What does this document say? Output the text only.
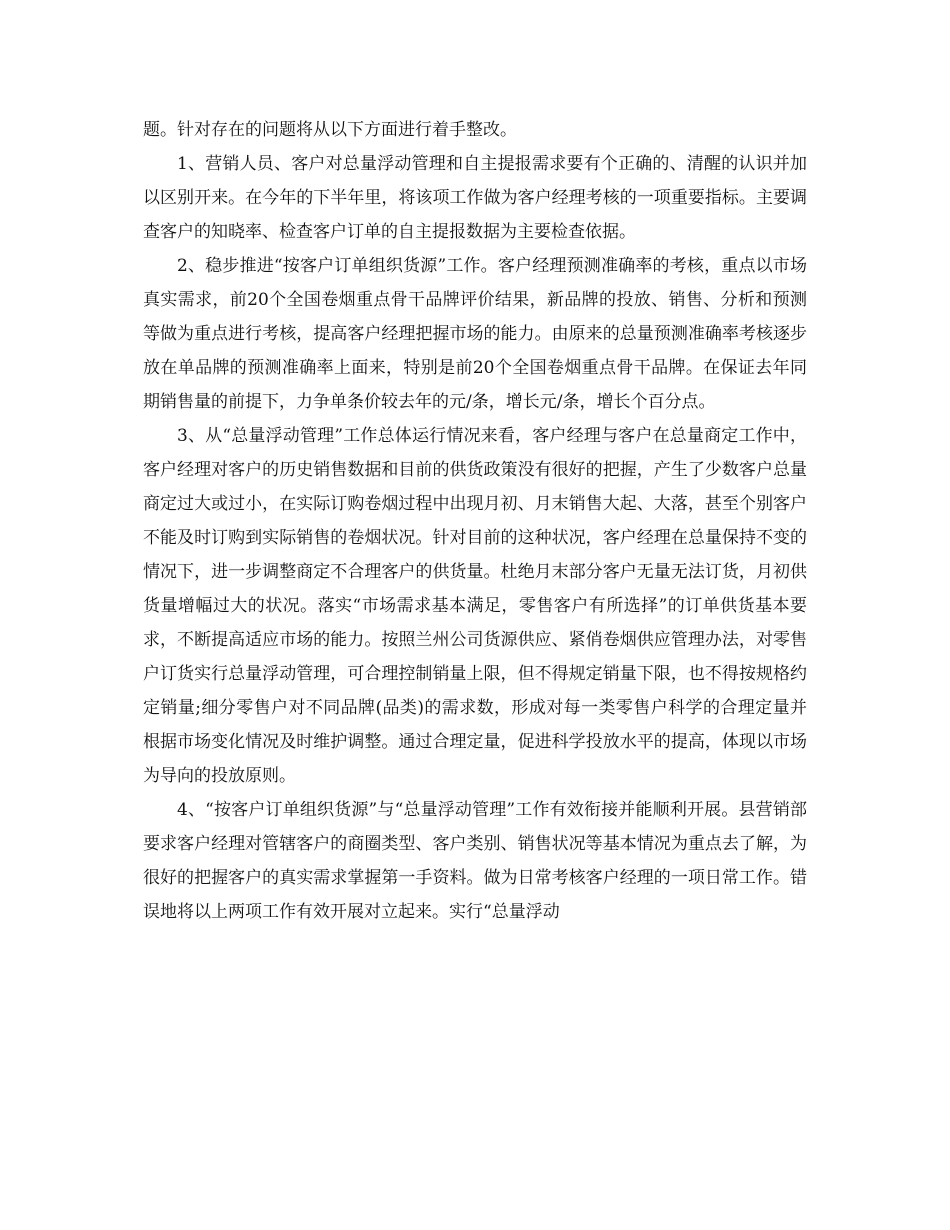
题。针对存在的问题将从以下方面进行着手整改。

1、营销人员、客户对总量浮动管理和自主提报需求要有个正确的、清醒的认识并加以区别开来。在今年的下半年里，将该项工作做为客户经理考核的一项重要指标。主要调查客户的知晓率、检查客户订单的自主提报数据为主要检查依据。

2、稳步推进“按客户订单组织货源”工作。客户经理预测准确率的考核，重点以市场真实需求，前20个全国卷烟重点骨干品牌评价结果，新品牌的投放、销售、分析和预测等做为重点进行考核，提高客户经理把握市场的能力。由原来的总量预测准确率考核逐步放在单品牌的预测准确率上面来，特别是前20个全国卷烟重点骨干品牌。在保证去年同期销售量的前提下，力争单条价较去年的元/条，增长元/条，增长个百分点。

3、从“总量浮动管理”工作总体运行情况来看，客户经理与客户在总量商定工作中，客户经理对客户的历史销售数据和目前的供货政策没有很好的把握，产生了少数客户总量商定过大或过小，在实际订购卷烟过程中出现月初、月末销售大起、大落，甚至个别客户不能及时订购到实际销售的卷烟状况。针对目前的这种状况，客户经理在总量保持不变的情况下，进一步调整商定不合理客户的供货量。杜绝月末部分客户无量无法订货，月初供货量增幅过大的状况。落实“市场需求基本满足，零售客户有所选择”的订单供货基本要求，不断提高适应市场的能力。按照兰州公司货源供应、紧俏卷烟供应管理办法，对零售户订货实行总量浮动管理，可合理控制销量上限，但不得规定销量下限，也不得按规格约定销量;细分零售户对不同品牌(品类)的需求数，形成对每一类零售户科学的合理定量并根据市场变化情况及时维护调整。通过合理定量，促进科学投放水平的提高，体现以市场为导向的投放原则。

4、“按客户订单组织货源”与“总量浮动管理”工作有效衔接并能顺利开展。县营销部要求客户经理对管辖客户的商圈类型、客户类别、销售状况等基本情况为重点去了解，为很好的把握客户的真实需求掌握第一手资料。做为日常考核客户经理的一项日常工作。错误地将以上两项工作有效开展对立起来。实行“总量浮动
